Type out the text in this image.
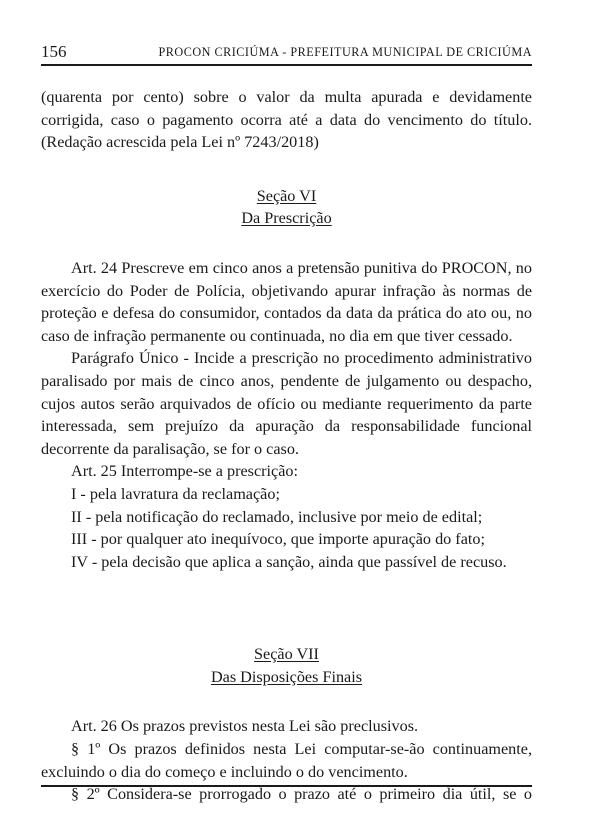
156	PROCON CRICIÚMA - PREFEITURA MUNICIPAL DE CRICIÚMA

(quarenta por cento) sobre o valor da multa apurada e devidamente corrigida, caso o pagamento ocorra até a data do vencimento do título. (Redação acrescida pela Lei nº 7243/2018)

Seção VI

Da Prescrição

Art. 24 Prescreve em cinco anos a pretensão punitiva do PROCON, no exercício do Poder de Polícia, objetivando apurar infração às normas de proteção e defesa do consumidor, contados da data da prática do ato ou, no caso de infração permanente ou continuada, no dia em que tiver cessado.

Parágrafo Único - Incide a prescrição no procedimento administrativo paralisado por mais de cinco anos, pendente de julgamento ou despacho, cujos autos serão arquivados de ofício ou mediante requerimento da parte interessada, sem prejuízo da apuração da responsabilidade funcional decorrente da paralisação, se for o caso.

Art. 25 Interrompe-se a prescrição:

I - pela lavratura da reclamação;

II - pela notificação do reclamado, inclusive por meio de edital;

III - por qualquer ato inequívoco, que importe apuração do fato;

IV - pela decisão que aplica a sanção, ainda que passível de recuso.

Seção VII

Das Disposições Finais

Art. 26 Os prazos previstos nesta Lei são preclusivos.

§ 1º Os prazos definidos nesta Lei computar-se-ão continuamente, excluindo o dia do começo e incluindo o do vencimento.

§ 2º Considera-se prorrogado o prazo até o primeiro dia útil, se o
